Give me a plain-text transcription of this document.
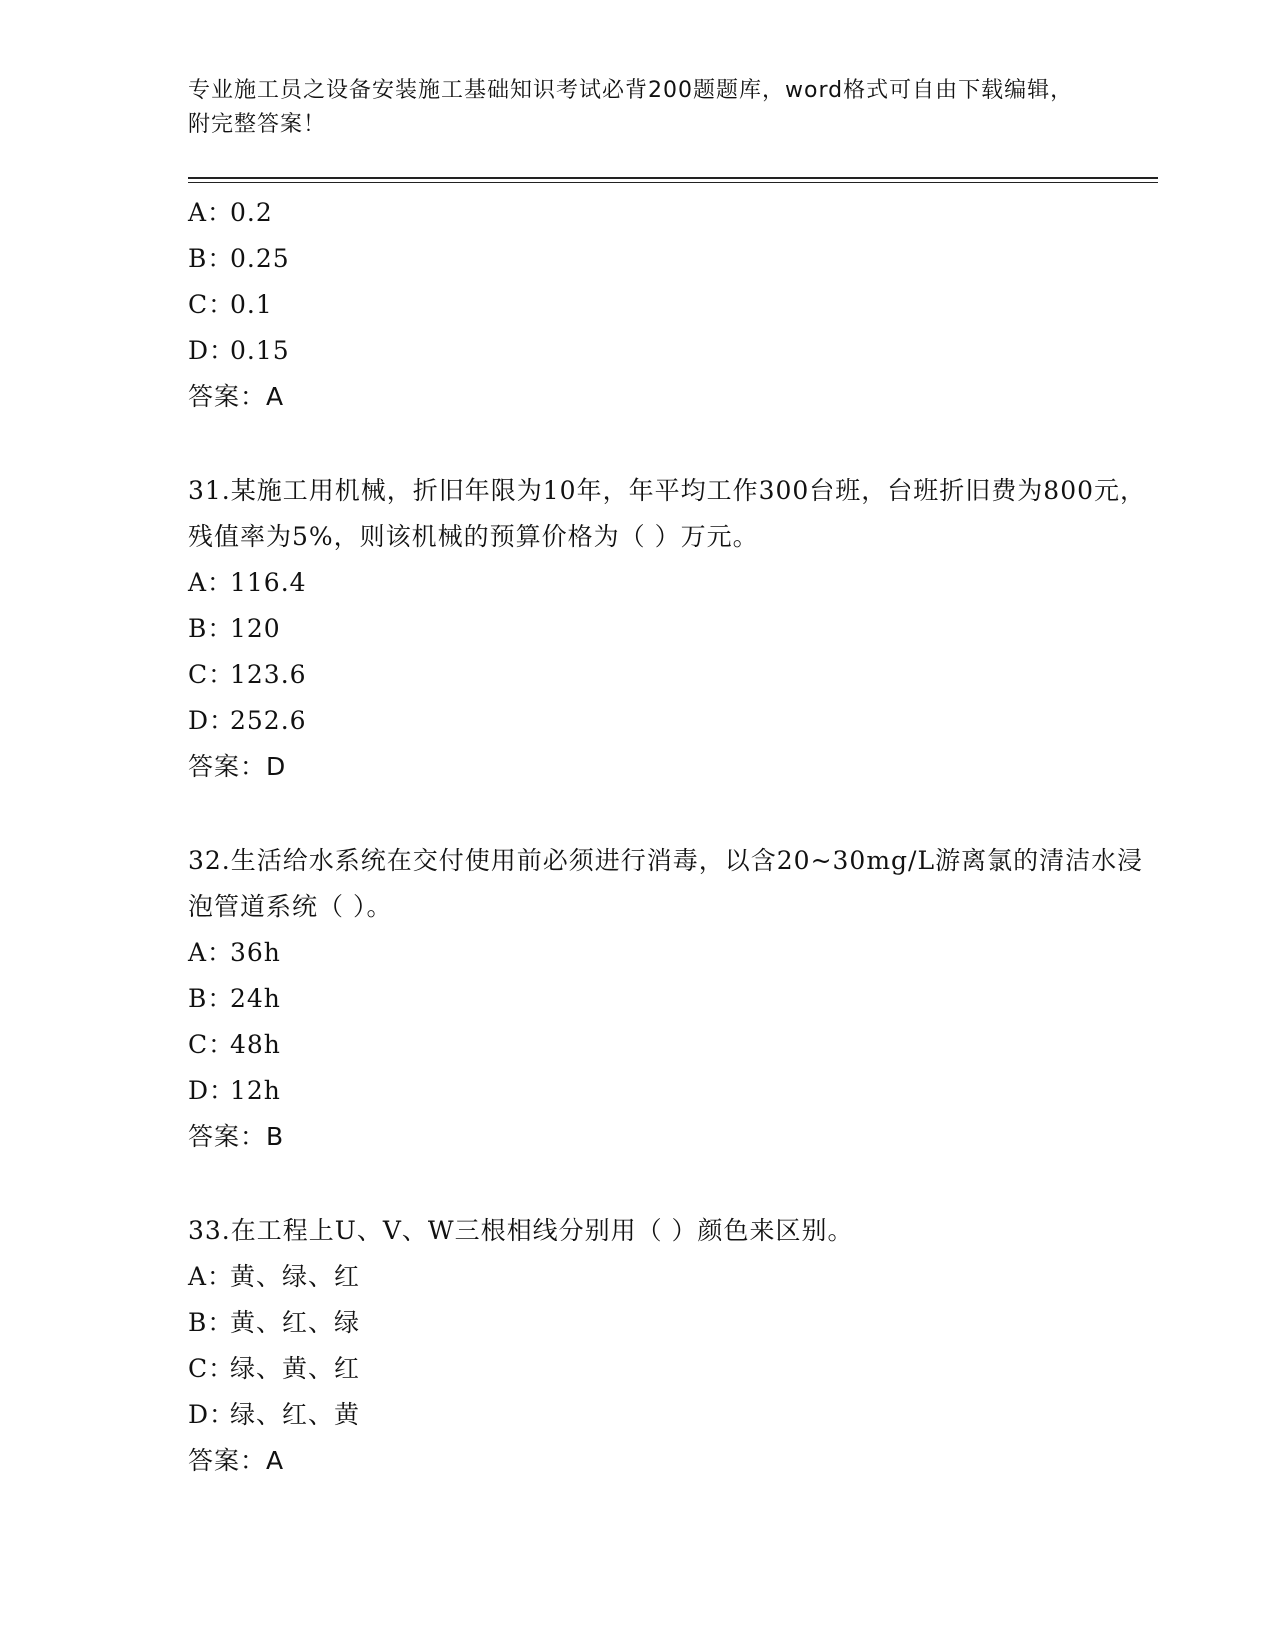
专业施工员之设备安装施工基础知识考试必背200题题库，word格式可自由下载编辑，附完整答案！

A：0.2

B：0.25

C：0.1

D：0.15

答案：A

31.某施工用机械，折旧年限为10年，年平均工作300台班，台班折旧费为800元，残值率为5%，则该机械的预算价格为（ ）万元。

A：116.4

B：120

C：123.6

D：252.6

答案：D

32.生活给水系统在交付使用前必须进行消毒，以含20~30mg/L游离氯的清洁水浸泡管道系统（ ）。

A：36h

B：24h

C：48h

D：12h

答案：B

33.在工程上U、V、W三根相线分别用（ ）颜色来区别。

A：黄、绿、红

B：黄、红、绿

C：绿、黄、红

D：绿、红、黄

答案：A
